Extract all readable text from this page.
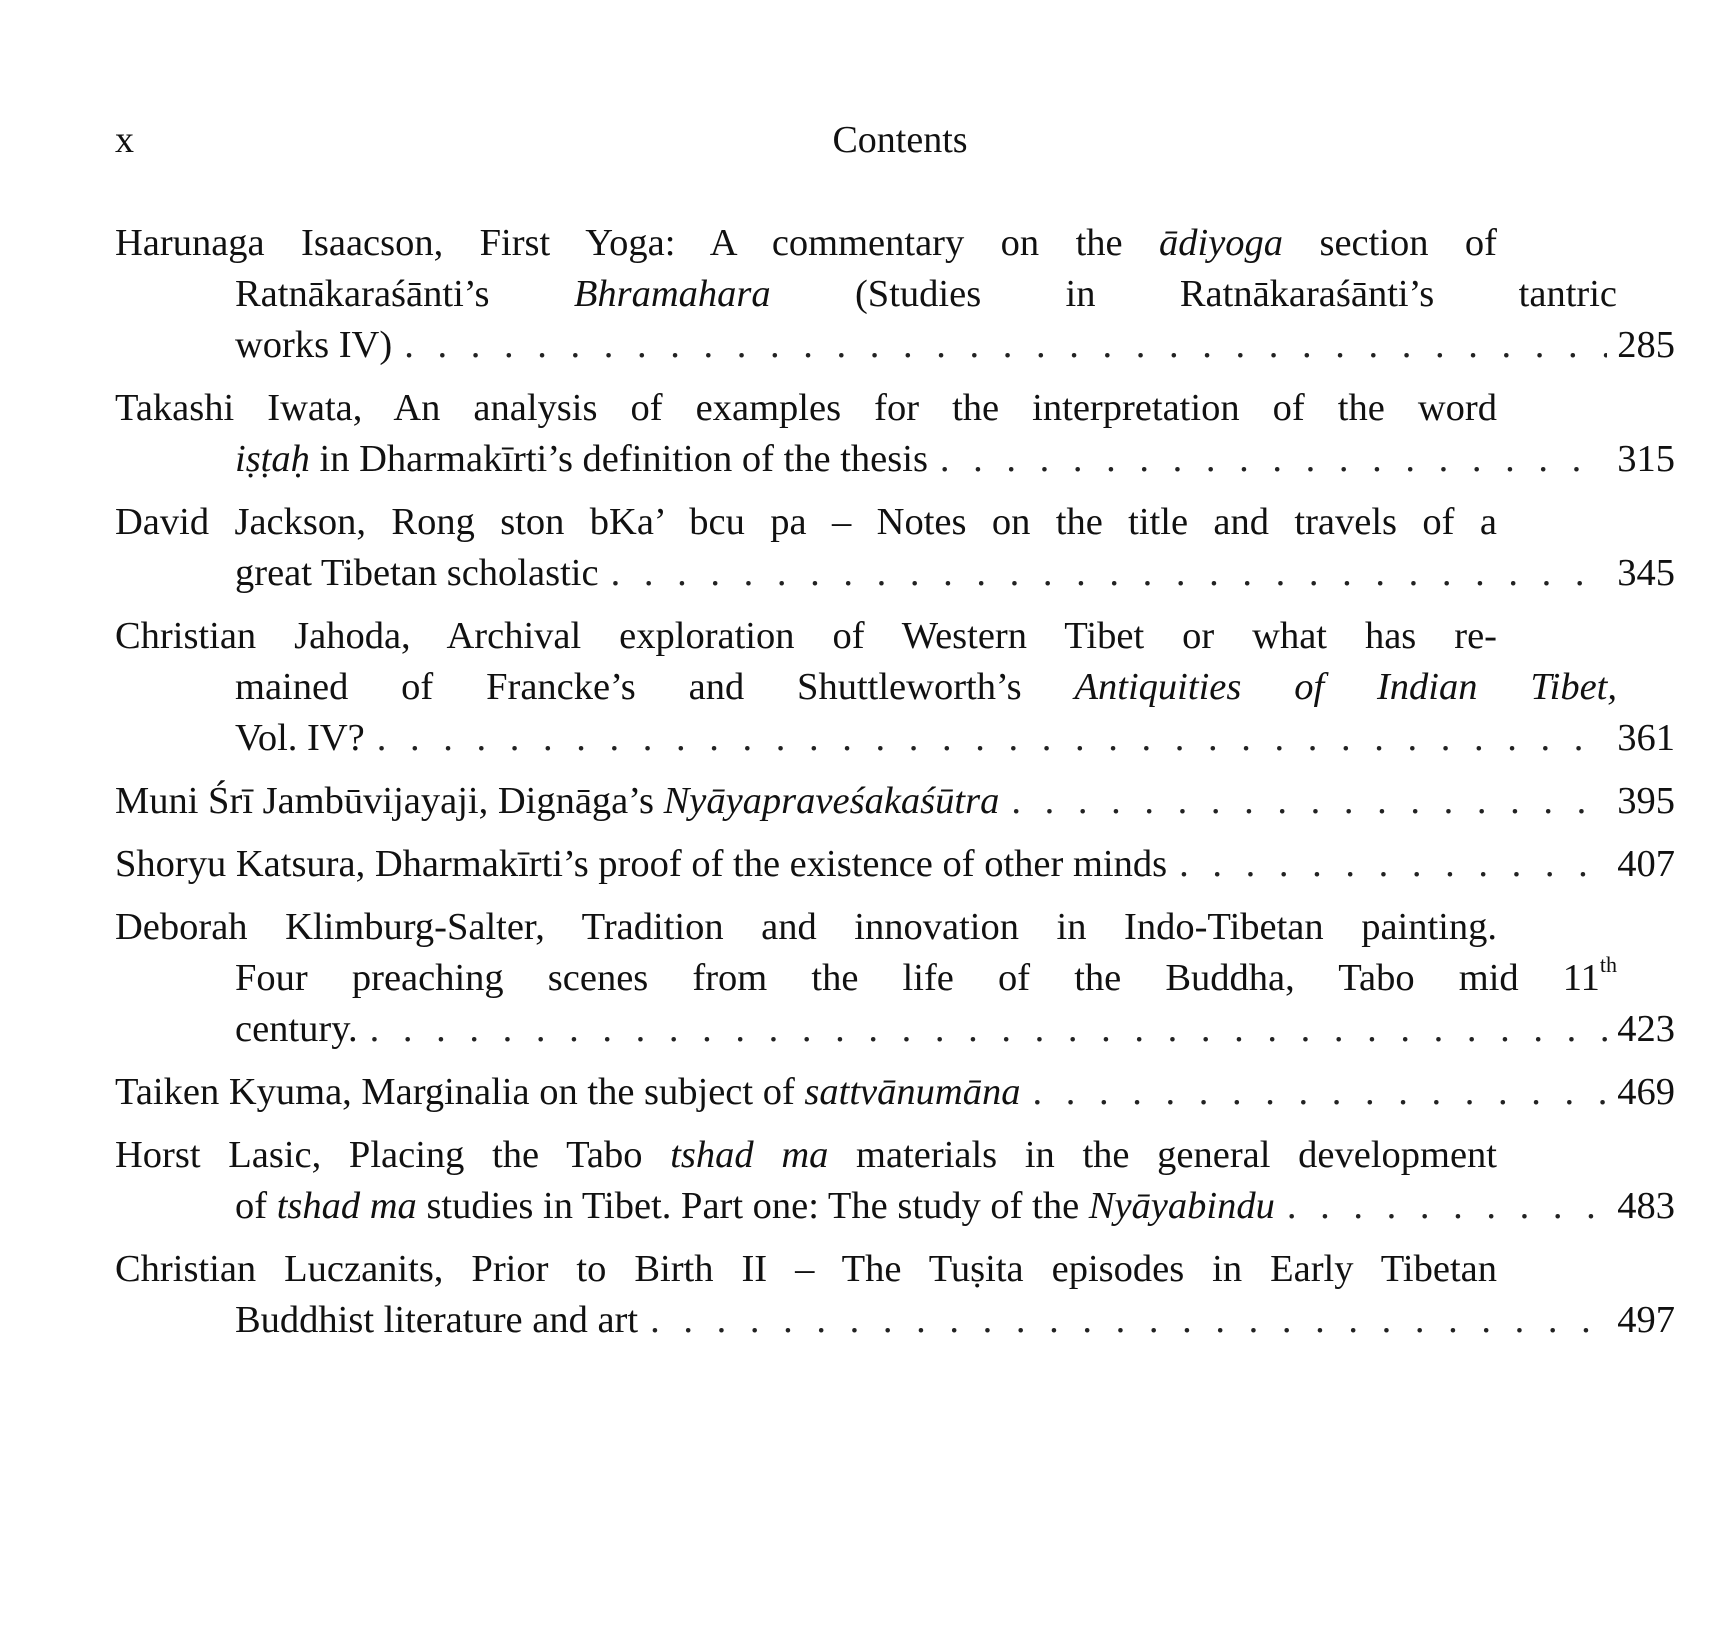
x	Contents
Harunaga Isaacson, First Yoga: A commentary on the ādiyoga section of
Ratnākaraśānti’s Bhramahara (Studies in Ratnākaraśānti’s tantric
works IV) . . .	285
Takashi Iwata, An analysis of examples for the interpretation of the word
iṣṭaḥ in Dharmakīrti’s definition of the thesis . . .	315
David Jackson, Rong ston bKa’ bcu pa – Notes on the title and travels of a
great Tibetan scholastic . . .	345
Christian Jahoda, Archival exploration of Western Tibet or what has re-
mained of Francke’s and Shuttleworth’s Antiquities of Indian Tibet,
Vol. IV? . . .	361
Muni Śrī Jambūvijayaji, Dignāga’s Nyāyapraveśakaśūtra . . .	395
Shoryu Katsura, Dharmakīrti’s proof of the existence of other minds . . .	407
Deborah Klimburg-Salter, Tradition and innovation in Indo-Tibetan painting.
Four preaching scenes from the life of the Buddha, Tabo mid 11th
century. . . .	423
Taiken Kyuma, Marginalia on the subject of sattvānumāna . . .	469
Horst Lasic, Placing the Tabo tshad ma materials in the general development
of tshad ma studies in Tibet. Part one: The study of the Nyāyabindu . . .	483
Christian Luczanits, Prior to Birth II – The Tuṣita episodes in Early Tibetan
Buddhist literature and art . . .	497
